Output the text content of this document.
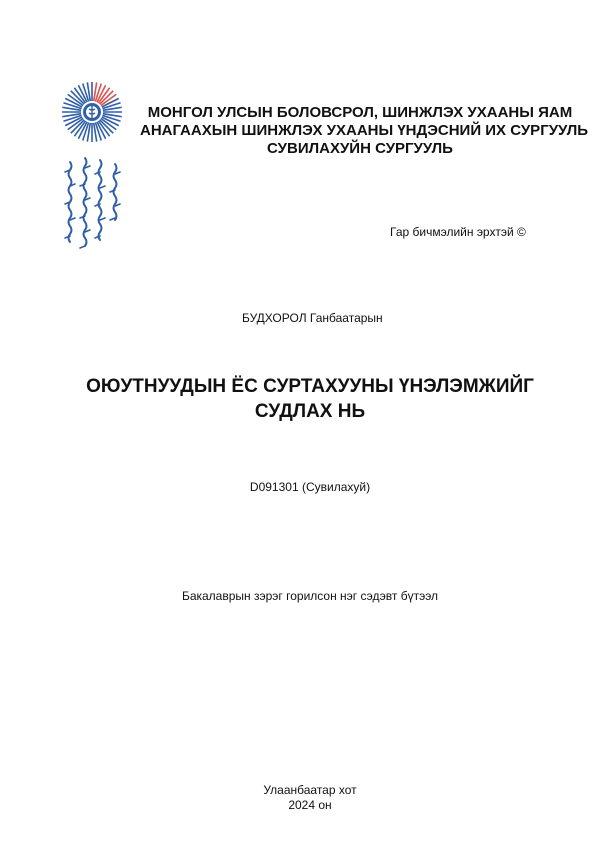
МОНГОЛ УЛСЫН БОЛОВСРОЛ, ШИНЖЛЭХ УХААНЫ ЯАМ
АНАГААХЫН ШИНЖЛЭХ УХААНЫ ҮНДЭСНИЙ ИХ СУРГУУЛЬ
СУВИЛАХУЙН СУРГУУЛЬ
Гар бичмэлийн эрхтэй ©
БУДХОРОЛ Ганбаатарын
ОЮУТНУУДЫН ЁС СУРТАХУУНЫ ҮНЭЛЭМЖИЙГ
СУДЛАХ НЬ
D091301 (Сувилахуй)
Бакалаврын зэрэг горилсон нэг сэдэвт бүтээл
Улаанбаатар хот
2024 он
